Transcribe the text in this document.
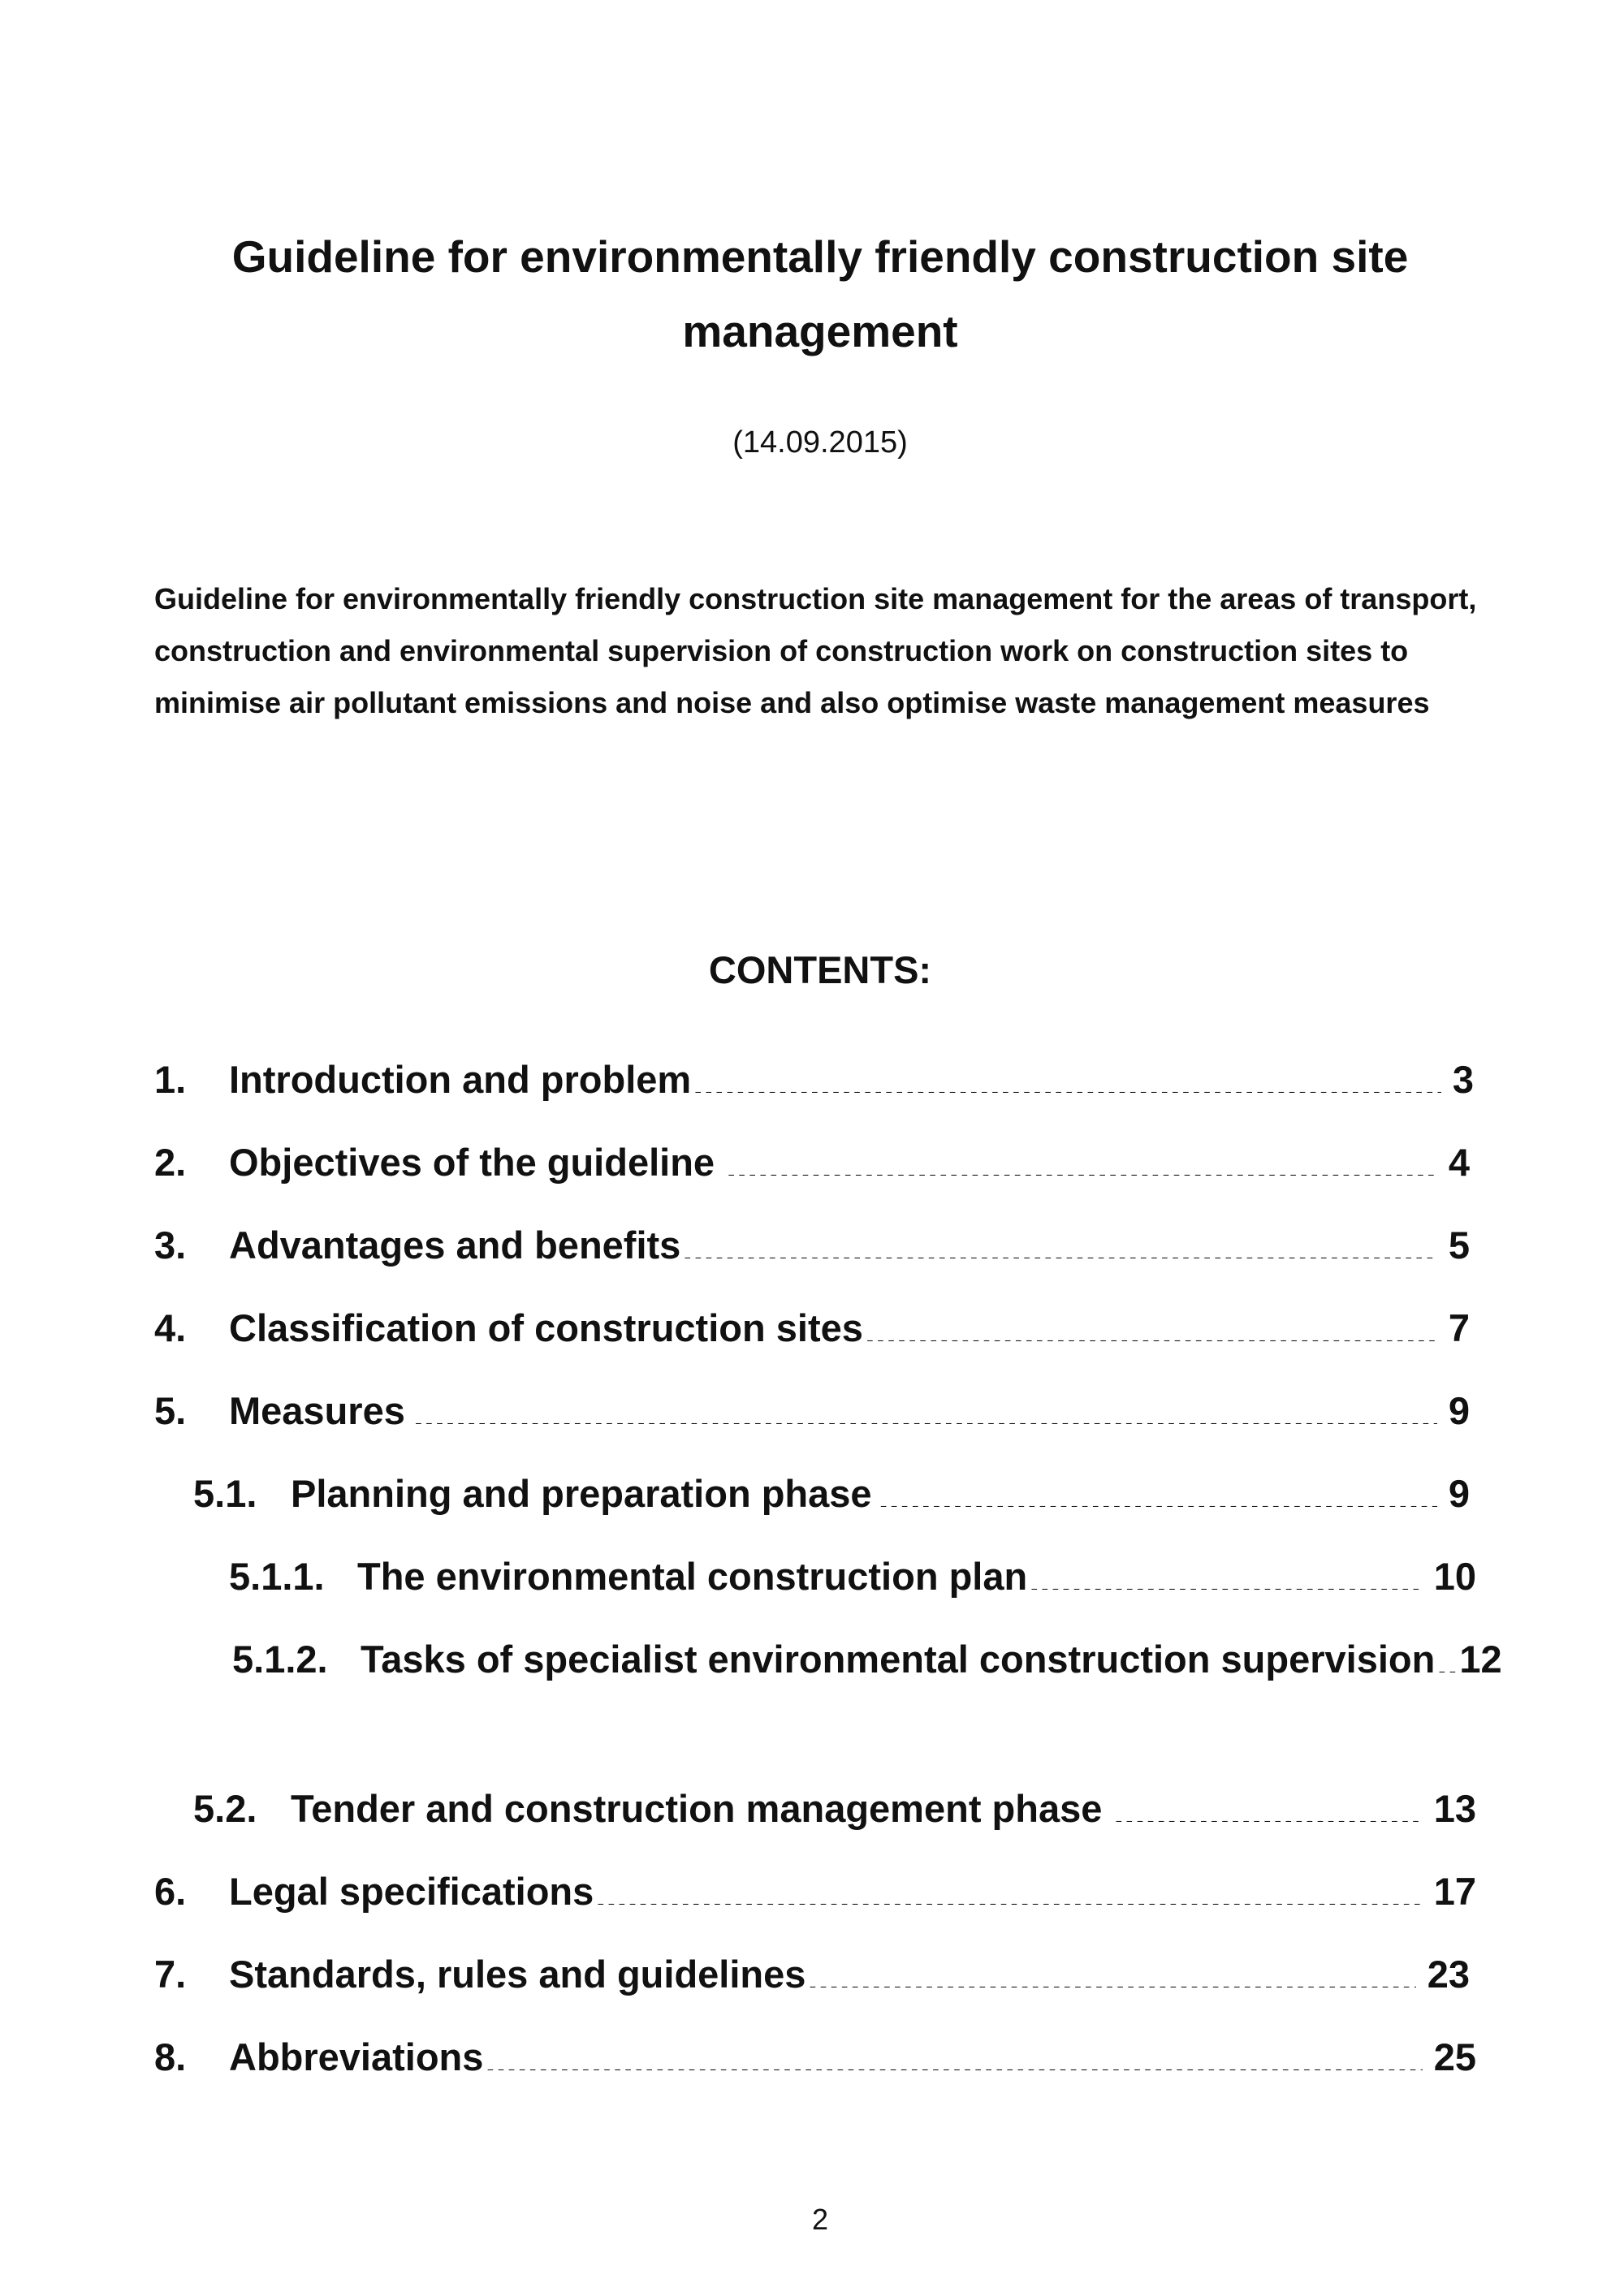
Guideline for environmentally friendly construction site management
(14.09.2015)

Guideline for environmentally friendly construction site management for the areas of transport, construction and environmental supervision of construction work on construction sites to minimise air pollutant emissions and noise and also optimise waste management measures

CONTENTS:
1.	Introduction and problem .....	3
2.	Objectives of the guideline .....	4
3.	Advantages and benefits .....	5
4.	Classification of construction sites .....	7
5.	Measures .....	9
5.1. Planning and preparation phase .....	9
5.1.1. The environmental construction plan .....	10
5.1.2. Tasks of specialist environmental construction supervision ..... 12
5.2. Tender and construction management phase .....	13
6.	Legal specifications .....	17
7.	Standards, rules and guidelines .....	23
8.	Abbreviations .....	25
2
